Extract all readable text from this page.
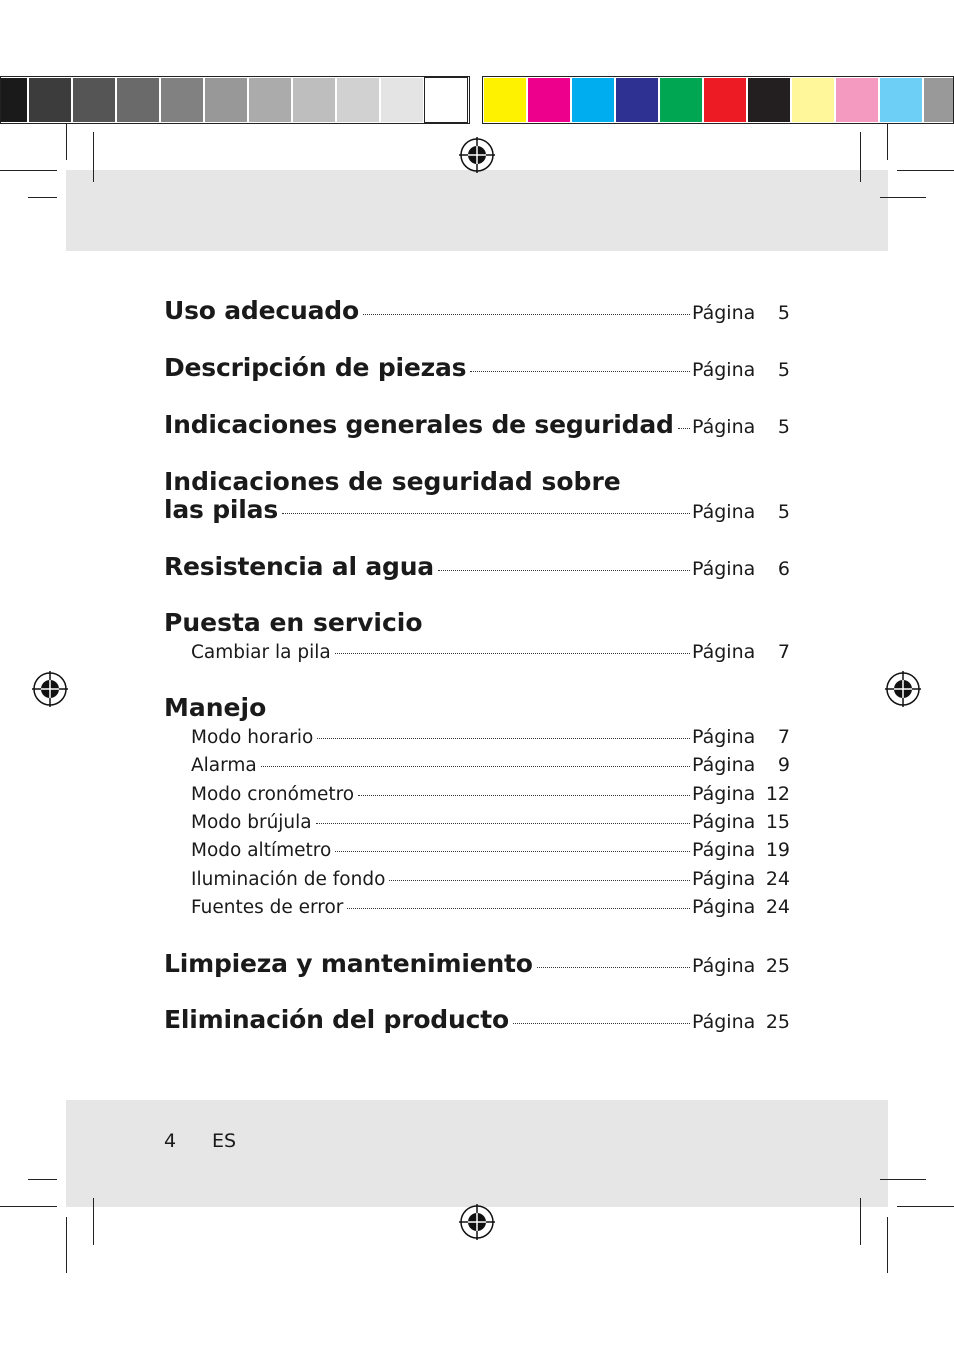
Uso adecuado	Página	5
Descripción de piezas	Página	5
Indicaciones generales de seguridad Página	5
Indicaciones de seguridad sobre
las pilas	Página	5
Resistencia al agua	Página	6
Puesta en servicio
Cambiar la pila	Página	7
Manejo
Modo horario	Página	7
Alarma	Página	9
Modo cronómetro	Página 12
Modo brújula	Página 15
Modo altímetro	Página 19
Iluminación de fondo	Página 24
Fuentes de error	Página 24
Limpieza y mantenimiento	Página 25
Eliminación del producto	Página 25
4 ES
